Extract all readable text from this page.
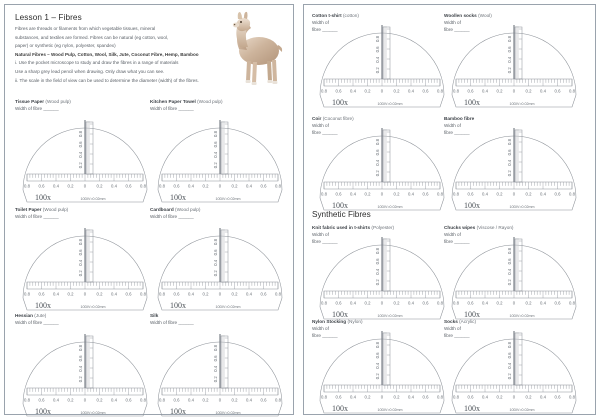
Lesson 1 – Fibres
Fibres are threads or filaments from which vegetable tissues, mineral
substances, and textiles are formed. Fibres can be natural (eg cotton, wool,
paper) or synthetic (eg nylon, polyester, spandex)
Natural Fibres – Wood Pulp, Cotton, Wool, Silk, Jute, Coconut Fibre, Hemp, Bamboo
i. Use the pocket microscope to study and draw the fibres in a range of materials
Use a sharp grey lead pencil when drawing. Only draw what you can see.
ii. The scale in the field of view can be used to determine the diameter (width) of the fibres.
Tissue Paper (Wood pulp)
Width of fibre ______
0.8 0.6 0.4 0.2 0 0.2 0.4 0.6 0.8
0.8
0.6
0.4
0.2
100x	10DIV=0.02mm
Kitchen Paper Towel (Wood pulp)
Width of fibre ______
0.8 0.6 0.4 0.2 0 0.2 0.4 0.6 0.8
0.8
0.6
0.4
0.2
100x	10DIV=0.02mm
Toilet Paper (Wood pulp)
Width of fibre ______
0.8 0.6 0.4 0.2 0 0.2 0.4 0.6 0.8
0.8
0.6
0.4
0.2
100x	10DIV=0.02mm
Cardboard (Wood pulp)
Width of fibre ______
0.8 0.6 0.4 0.2 0 0.2 0.4 0.6 0.8
0.8
0.6
0.4
0.2
100x	10DIV=0.02mm
Hessian (Jute)
Width of fibre ______
0.8 0.6 0.4 0.2 0 0.2 0.4 0.6 0.8
0.8
0.6
0.4
0.2
100x	10DIV=0.02mm
Silk
Width of fibre ______
0.8 0.6 0.4 0.2 0 0.2 0.4 0.6 0.8
0.8
0.6
0.4
0.2
100x	10DIV=0.02mm
Cotton t-shirt (cotton)
Width of
fibre ______
0.8 0.6 0.4 0.2 0 0.2 0.4 0.6 0.8
0.8
0.6
0.4
0.2
100x	10DIV=0.02mm
Woollen socks (Wool)
Width of
fibre ______
0.8 0.6 0.4 0.2 0 0.2 0.4 0.6 0.8
0.8
0.6
0.4
0.2
100x	10DIV=0.02mm
Coir (Coconut fibre)
Width of
fibre ______
0.8 0.6 0.4 0.2 0 0.2 0.4 0.6 0.8
0.8
0.6
0.4
0.2
100x	10DIV=0.02mm
Bamboo fibre
Width of
fibre ______
0.8 0.6 0.4 0.2 0 0.2 0.4 0.6 0.8
0.8
0.6
0.4
0.2
100x	10DIV=0.02mm
Synthetic Fibres
Knit fabric used in t-shirts (Polyester)
Width of
fibre ______
0.8 0.6 0.4 0.2 0 0.2 0.4 0.6 0.8
0.8
0.6
0.4
0.2
100x	10DIV=0.02mm
Chucks wipes (Viscose / Rayon)
Width of
fibre ______
0.8 0.6 0.4 0.2 0 0.2 0.4 0.6 0.8
0.8
0.6
0.4
0.2
100x	10DIV=0.02mm
Nylon Stocking (Nylon)
Width of
fibre ______
0.8 0.6 0.4 0.2 0 0.2 0.4 0.6 0.8
0.8
0.6
0.4
0.2
100x	10DIV=0.02mm
Socks (Acrylic)
Width of
fibre ______
0.8 0.6 0.4 0.2 0 0.2 0.4 0.6 0.8
0.8
0.6
0.4
0.2
100x	10DIV=0.02mm
